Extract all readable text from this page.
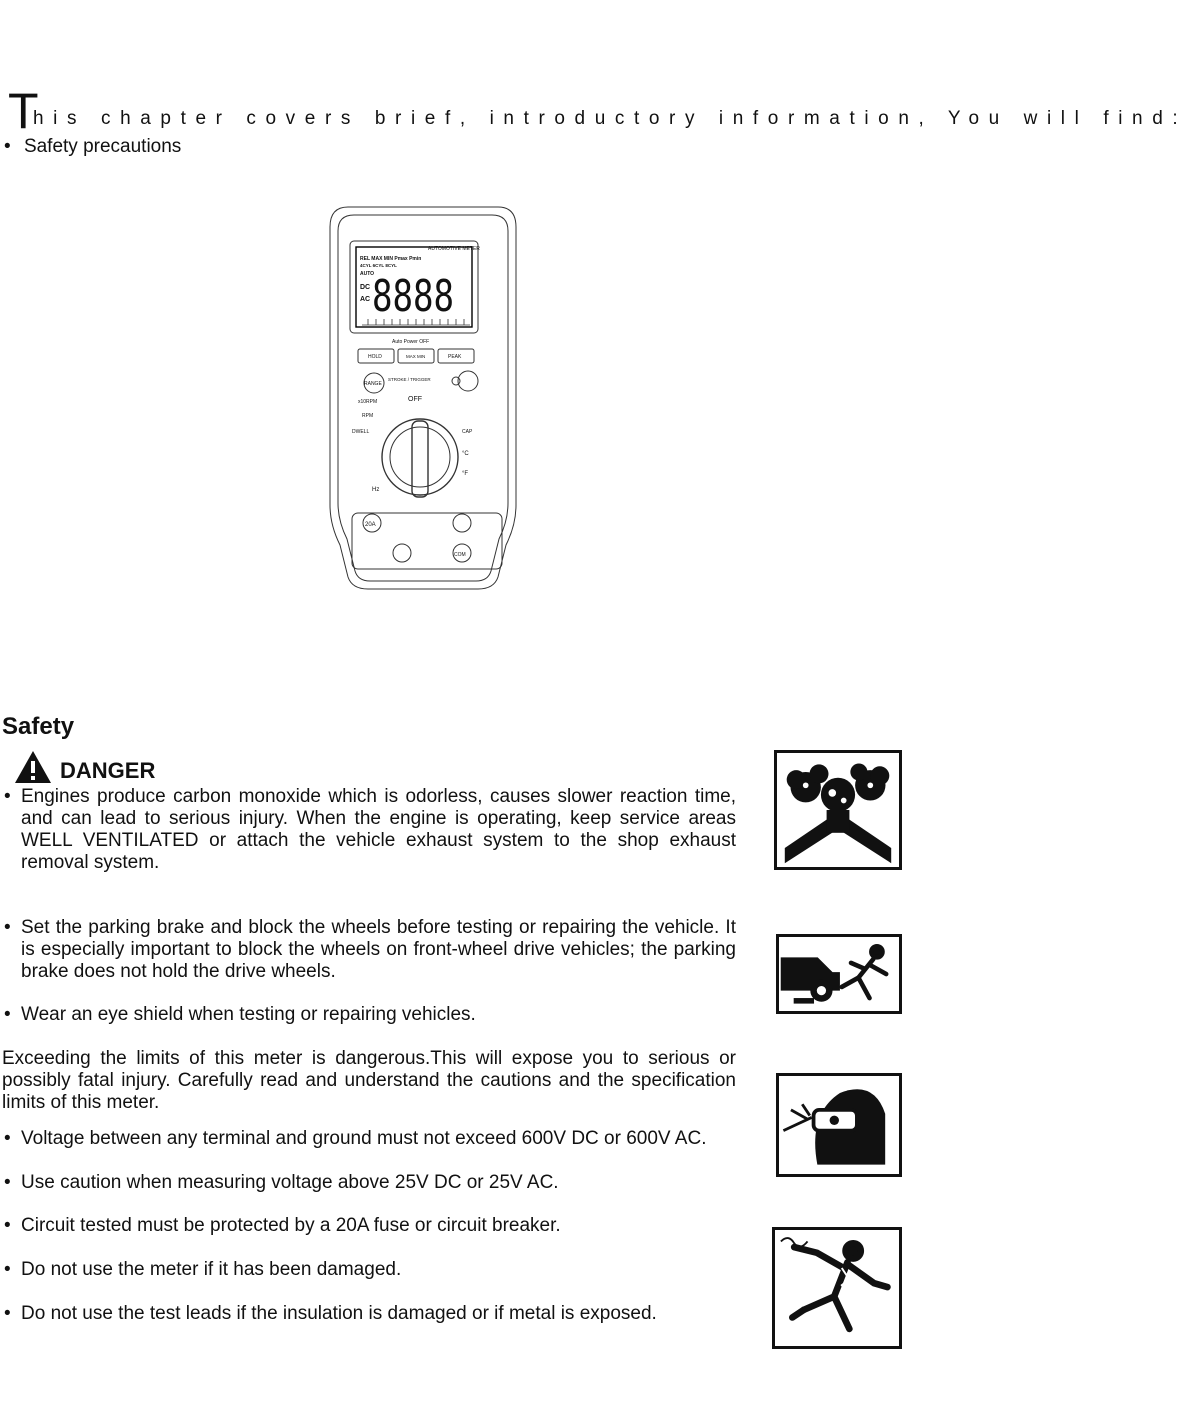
T
his chapter covers brief, introductory information, You will find:
• Safety precautions
AUTOMOTIVE METER
REL MAX MIN Pmax Pmin
4CYL 6CYL 8CYL
AUTO
DC
AC 8888
Auto Power OFF
HOLD	MAX MIN	PEAK
RANGE
STROKE / TRIGGER
x10RPM	OFF
RPM
DWELL	CAP
Hz
°C
°F
20A
COM
Safety
DANGER
• Engines produce carbon monoxide which is odorless, causes slower reaction time, and can lead to serious injury. When the engine is operating, keep service areas WELL VENTILATED or attach the vehicle exhaust system to the shop exhaust removal system.
• Set the parking brake and block the wheels before testing or repairing the vehicle. It is especially important to block the wheels on front-wheel drive vehicles; the parking brake does not hold the drive wheels.
• Wear an eye shield when testing or repairing vehicles.
Exceeding the limits of this meter is dangerous.This will expose you to serious or possibly fatal injury. Carefully read and understand the cautions and the specification limits of this meter.
• Voltage between any terminal and ground must not exceed 600V DC or 600V AC.
• Use caution when measuring voltage above 25V DC or 25V AC.
• Circuit tested must be protected by a 20A fuse or circuit breaker.
• Do not use the meter if it has been damaged.
• Do not use the test leads if the insulation is damaged or if metal is exposed.
